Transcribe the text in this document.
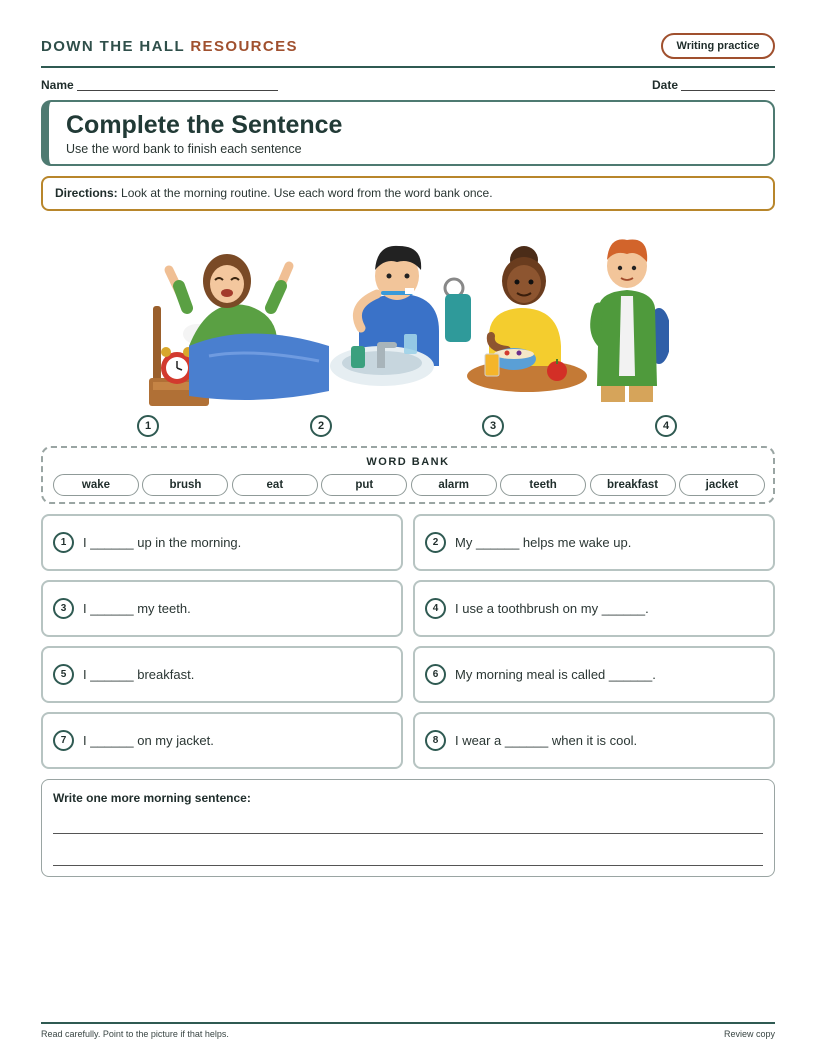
DOWN THE HALL RESOURCES	Writing practice
Name	Date
Complete the Sentence
Use the word bank to finish each sentence
Directions: Look at the morning routine. Use each word from the word bank once.
1	2	3	4
WORD BANK
wake	brush	eat	put	alarm	teeth	breakfast	jacket
1	I ______ up in the morning.	2	My ______ helps me wake up.
3	I ______ my teeth.	4	I use a toothbrush on my ______.
5	I ______ breakfast.	6	My morning meal is called ______.
7	I ______ on my jacket.	8	I wear a ______ when it is cool.
Write one more morning sentence:
Read carefully. Point to the picture if that helps.	Review copy
